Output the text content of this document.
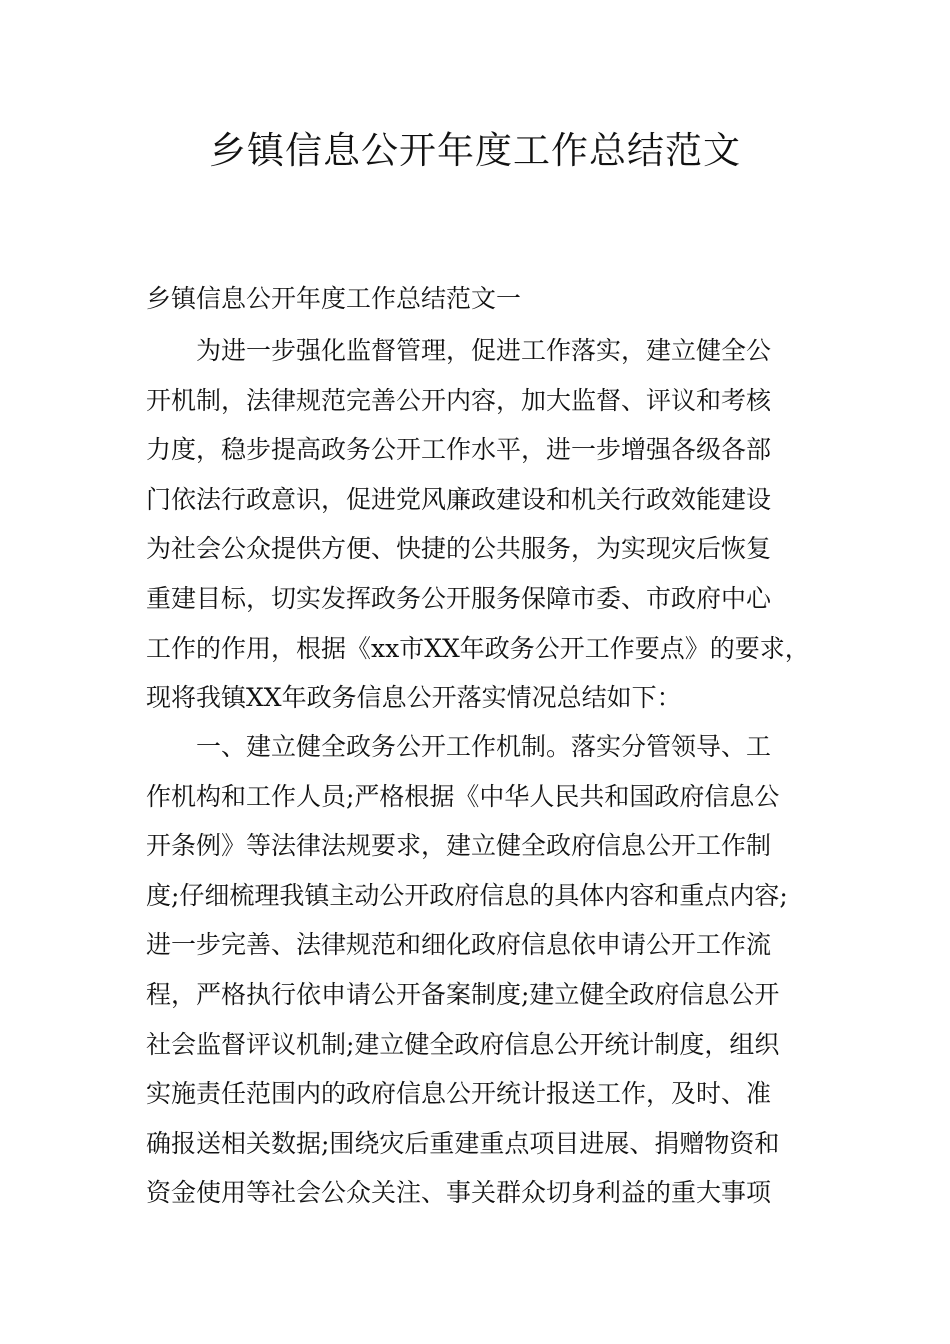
乡镇信息公开年度工作总结范文

乡镇信息公开年度工作总结范文一

为进一步强化监督管理，促进工作落实，建立健全公
开机制，法律规范完善公开内容，加大监督、评议和考核
力度，稳步提高政务公开工作水平，进一步增强各级各部
门依法行政意识，促进党风廉政建设和机关行政效能建设
为社会公众提供方便、快捷的公共服务，为实现灾后恢复
重建目标，切实发挥政务公开服务保障市委、市政府中心
工作的作用，根据《xx市XX年政务公开工作要点》的要求，
现将我镇XX年政务信息公开落实情况总结如下：
一、建立健全政务公开工作机制。落实分管领导、工
作机构和工作人员;严格根据《中华人民共和国政府信息公
开条例》等法律法规要求，建立健全政府信息公开工作制
度;仔细梳理我镇主动公开政府信息的具体内容和重点内容;
进一步完善、法律规范和细化政府信息依申请公开工作流
程，严格执行依申请公开备案制度;建立健全政府信息公开
社会监督评议机制;建立健全政府信息公开统计制度，组织
实施责任范围内的政府信息公开统计报送工作，及时、准
确报送相关数据;围绕灾后重建重点项目进展、捐赠物资和
资金使用等社会公众关注、事关群众切身利益的重大事项
